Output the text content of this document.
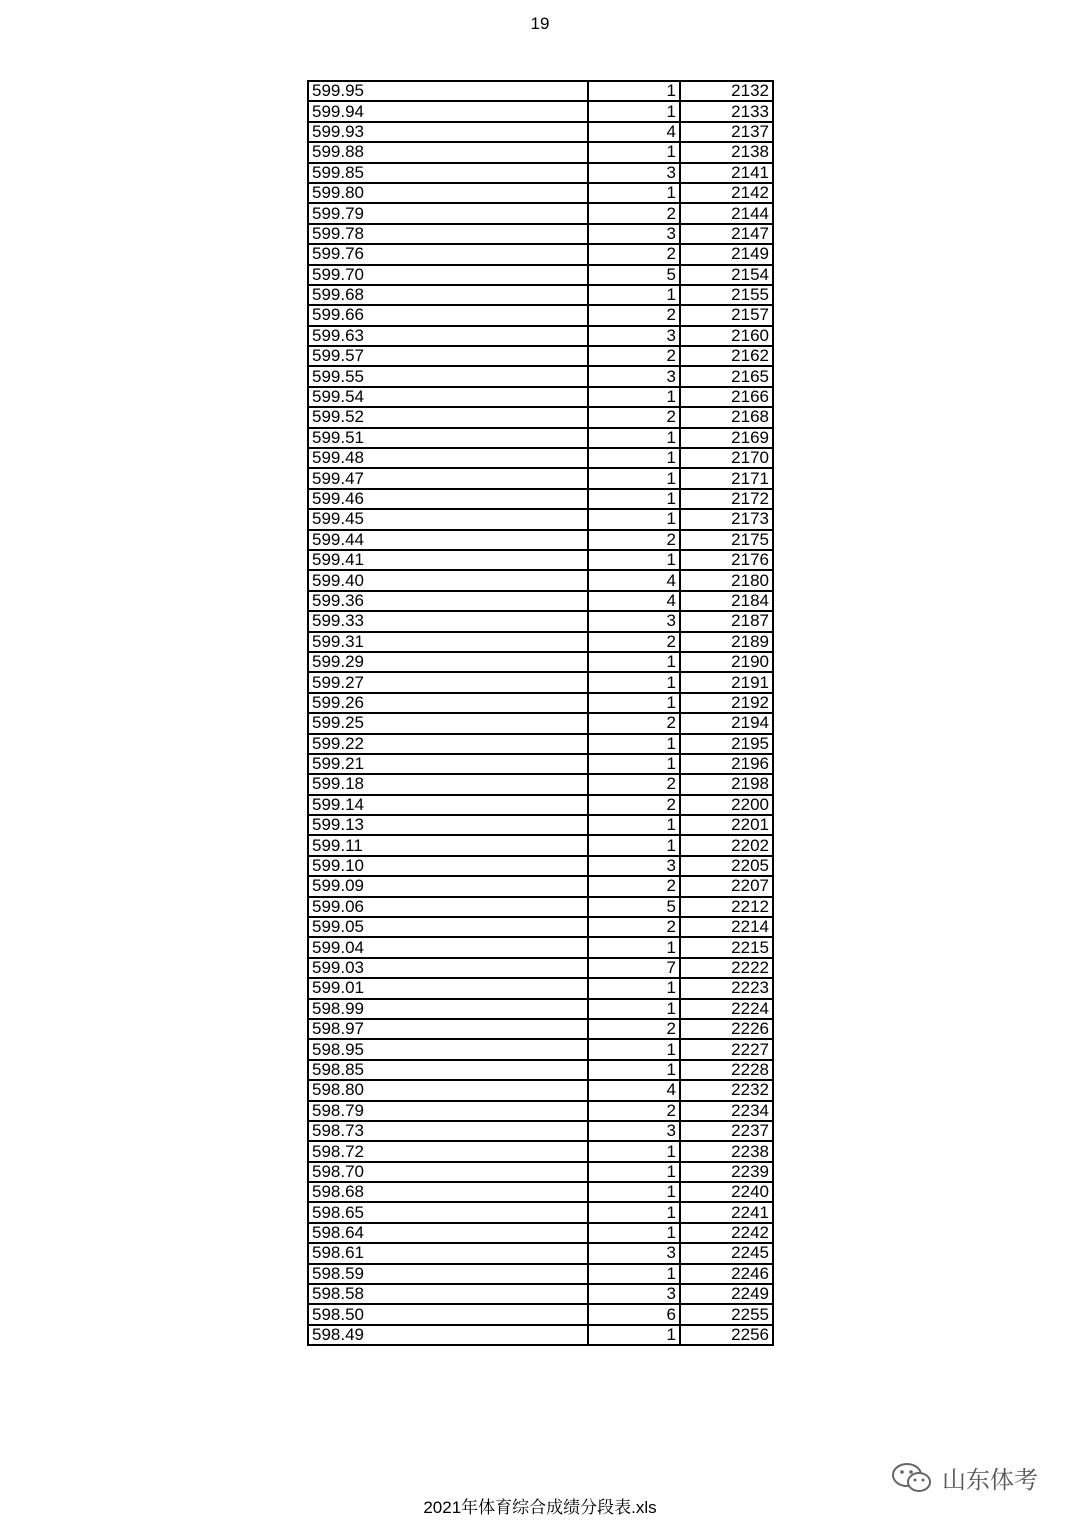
19
599.95	1	2132
599.94	1	2133
599.93	4	2137
599.88	1	2138
599.85	3	2141
599.80	1	2142
599.79	2	2144
599.78	3	2147
599.76	2	2149
599.70	5	2154
599.68	1	2155
599.66	2	2157
599.63	3	2160
599.57	2	2162
599.55	3	2165
599.54	1	2166
599.52	2	2168
599.51	1	2169
599.48	1	2170
599.47	1	2171
599.46	1	2172
599.45	1	2173
599.44	2	2175
599.41	1	2176
599.40	4	2180
599.36	4	2184
599.33	3	2187
599.31	2	2189
599.29	1	2190
599.27	1	2191
599.26	1	2192
599.25	2	2194
599.22	1	2195
599.21	1	2196
599.18	2	2198
599.14	2	2200
599.13	1	2201
599.11	1	2202
599.10	3	2205
599.09	2	2207
599.06	5	2212
599.05	2	2214
599.04	1	2215
599.03	7	2222
599.01	1	2223
598.99	1	2224
598.97	2	2226
598.95	1	2227
598.85	1	2228
598.80	4	2232
598.79	2	2234
598.73	3	2237
598.72	1	2238
598.70	1	2239
598.68	1	2240
598.65	1	2241
598.64	1	2242
598.61	3	2245
598.59	1	2246
598.58	3	2249
598.50	6	2255
598.49	1	2256
2021年体育综合成绩分段表.xls
山东体考
